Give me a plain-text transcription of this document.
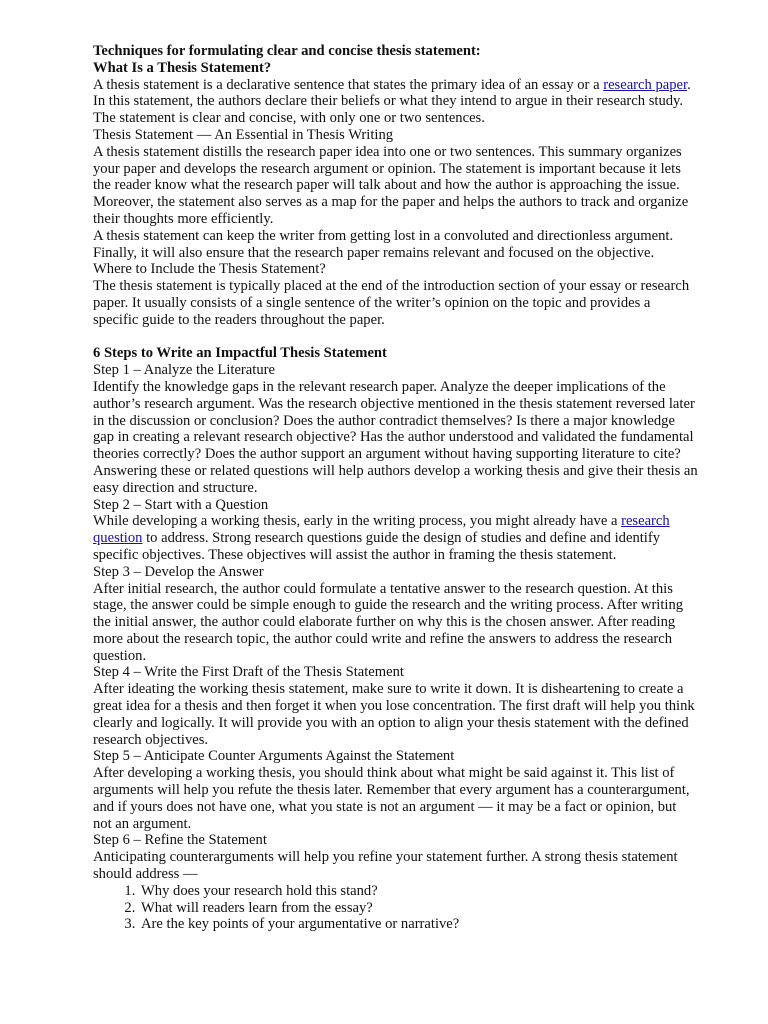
Techniques for formulating clear and concise thesis statement:

What Is a Thesis Statement?

A thesis statement is a declarative sentence that states the primary idea of an essay or a research paper. In this statement, the authors declare their beliefs or what they intend to argue in their research study. The statement is clear and concise, with only one or two sentences.

Thesis Statement — An Essential in Thesis Writing

A thesis statement distills the research paper idea into one or two sentences. This summary organizes your paper and develops the research argument or opinion. The statement is important because it lets the reader know what the research paper will talk about and how the author is approaching the issue. Moreover, the statement also serves as a map for the paper and helps the authors to track and organize their thoughts more efficiently.

A thesis statement can keep the writer from getting lost in a convoluted and directionless argument. Finally, it will also ensure that the research paper remains relevant and focused on the objective.

Where to Include the Thesis Statement?

The thesis statement is typically placed at the end of the introduction section of your essay or research paper. It usually consists of a single sentence of the writer’s opinion on the topic and provides a specific guide to the readers throughout the paper.

6 Steps to Write an Impactful Thesis Statement

Step 1 – Analyze the Literature

Identify the knowledge gaps in the relevant research paper. Analyze the deeper implications of the author’s research argument. Was the research objective mentioned in the thesis statement reversed later in the discussion or conclusion? Does the author contradict themselves? Is there a major knowledge gap in creating a relevant research objective? Has the author understood and validated the fundamental theories correctly? Does the author support an argument without having supporting literature to cite? Answering these or related questions will help authors develop a working thesis and give their thesis an easy direction and structure.

Step 2 – Start with a Question

While developing a working thesis, early in the writing process, you might already have a research question to address. Strong research questions guide the design of studies and define and identify specific objectives. These objectives will assist the author in framing the thesis statement.

Step 3 – Develop the Answer

After initial research, the author could formulate a tentative answer to the research question. At this stage, the answer could be simple enough to guide the research and the writing process. After writing the initial answer, the author could elaborate further on why this is the chosen answer. After reading more about the research topic, the author could write and refine the answers to address the research question.

Step 4 – Write the First Draft of the Thesis Statement

After ideating the working thesis statement, make sure to write it down. It is disheartening to create a great idea for a thesis and then forget it when you lose concentration. The first draft will help you think clearly and logically. It will provide you with an option to align your thesis statement with the defined research objectives.

Step 5 – Anticipate Counter Arguments Against the Statement

After developing a working thesis, you should think about what might be said against it. This list of arguments will help you refute the thesis later. Remember that every argument has a counterargument, and if yours does not have one, what you state is not an argument — it may be a fact or opinion, but not an argument.

Step 6 – Refine the Statement

Anticipating counterarguments will help you refine your statement further. A strong thesis statement should address —

1. Why does your research hold this stand?
2. What will readers learn from the essay?
3. Are the key points of your argumentative or narrative?
